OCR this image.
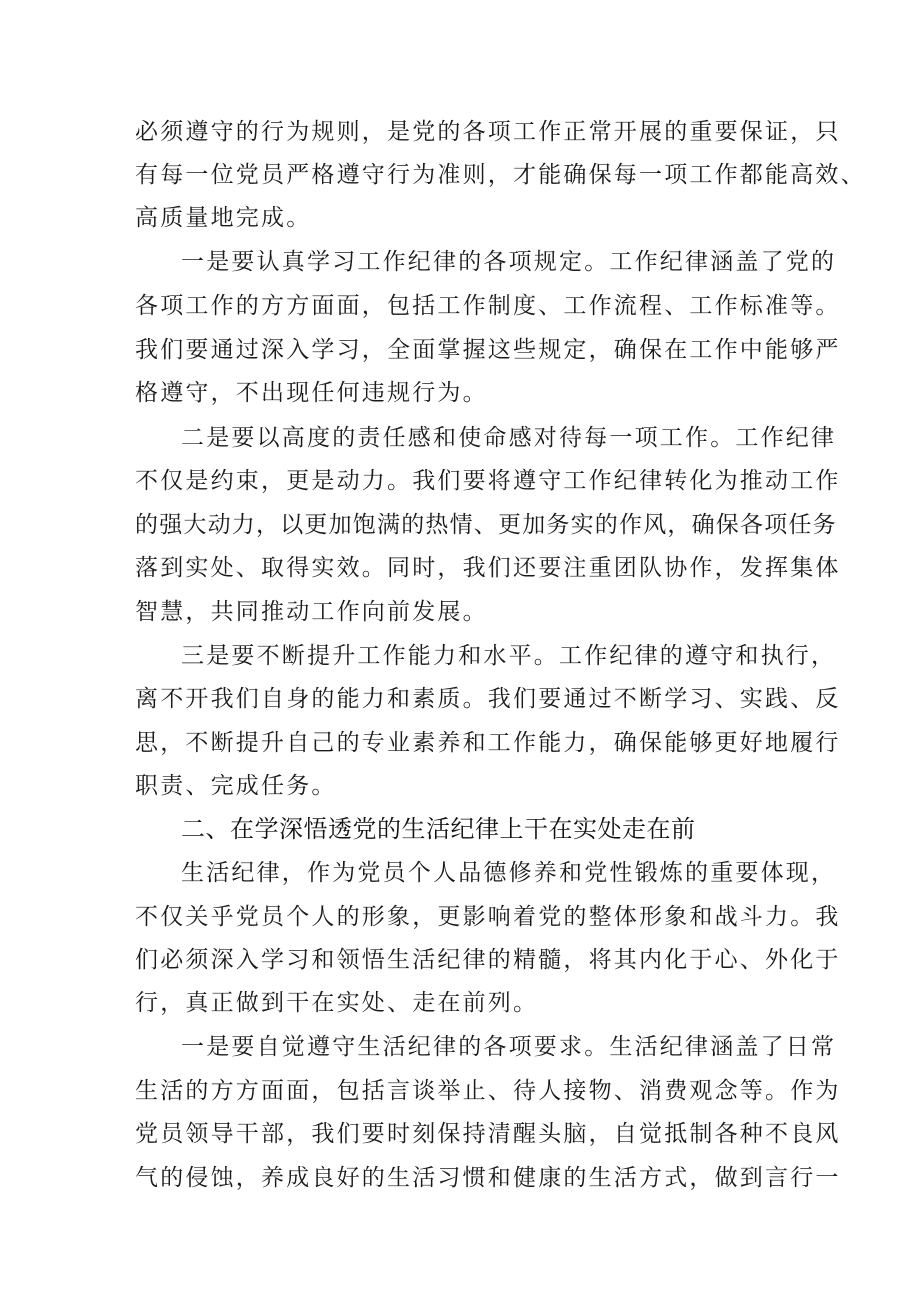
必须遵守的行为规则，是党的各项工作正常开展的重要保证，只
有每一位党员严格遵守行为准则，才能确保每一项工作都能高效、
高质量地完成。
一是要认真学习工作纪律的各项规定。工作纪律涵盖了党的
各项工作的方方面面，包括工作制度、工作流程、工作标准等。
我们要通过深入学习，全面掌握这些规定，确保在工作中能够严
格遵守，不出现任何违规行为。
二是要以高度的责任感和使命感对待每一项工作。工作纪律
不仅是约束，更是动力。我们要将遵守工作纪律转化为推动工作
的强大动力，以更加饱满的热情、更加务实的作风，确保各项任务
落到实处、取得实效。同时，我们还要注重团队协作，发挥集体
智慧，共同推动工作向前发展。
三是要不断提升工作能力和水平。工作纪律的遵守和执行，
离不开我们自身的能力和素质。我们要通过不断学习、实践、反
思，不断提升自己的专业素养和工作能力，确保能够更好地履行
职责、完成任务。
二、在学深悟透党的生活纪律上干在实处走在前
生活纪律，作为党员个人品德修养和党性锻炼的重要体现，
不仅关乎党员个人的形象，更影响着党的整体形象和战斗力。我
们必须深入学习和领悟生活纪律的精髓，将其内化于心、外化于
行，真正做到干在实处、走在前列。
一是要自觉遵守生活纪律的各项要求。生活纪律涵盖了日常
生活的方方面面，包括言谈举止、待人接物、消费观念等。作为
党员领导干部，我们要时刻保持清醒头脑，自觉抵制各种不良风
气的侵蚀，养成良好的生活习惯和健康的生活方式，做到言行一
